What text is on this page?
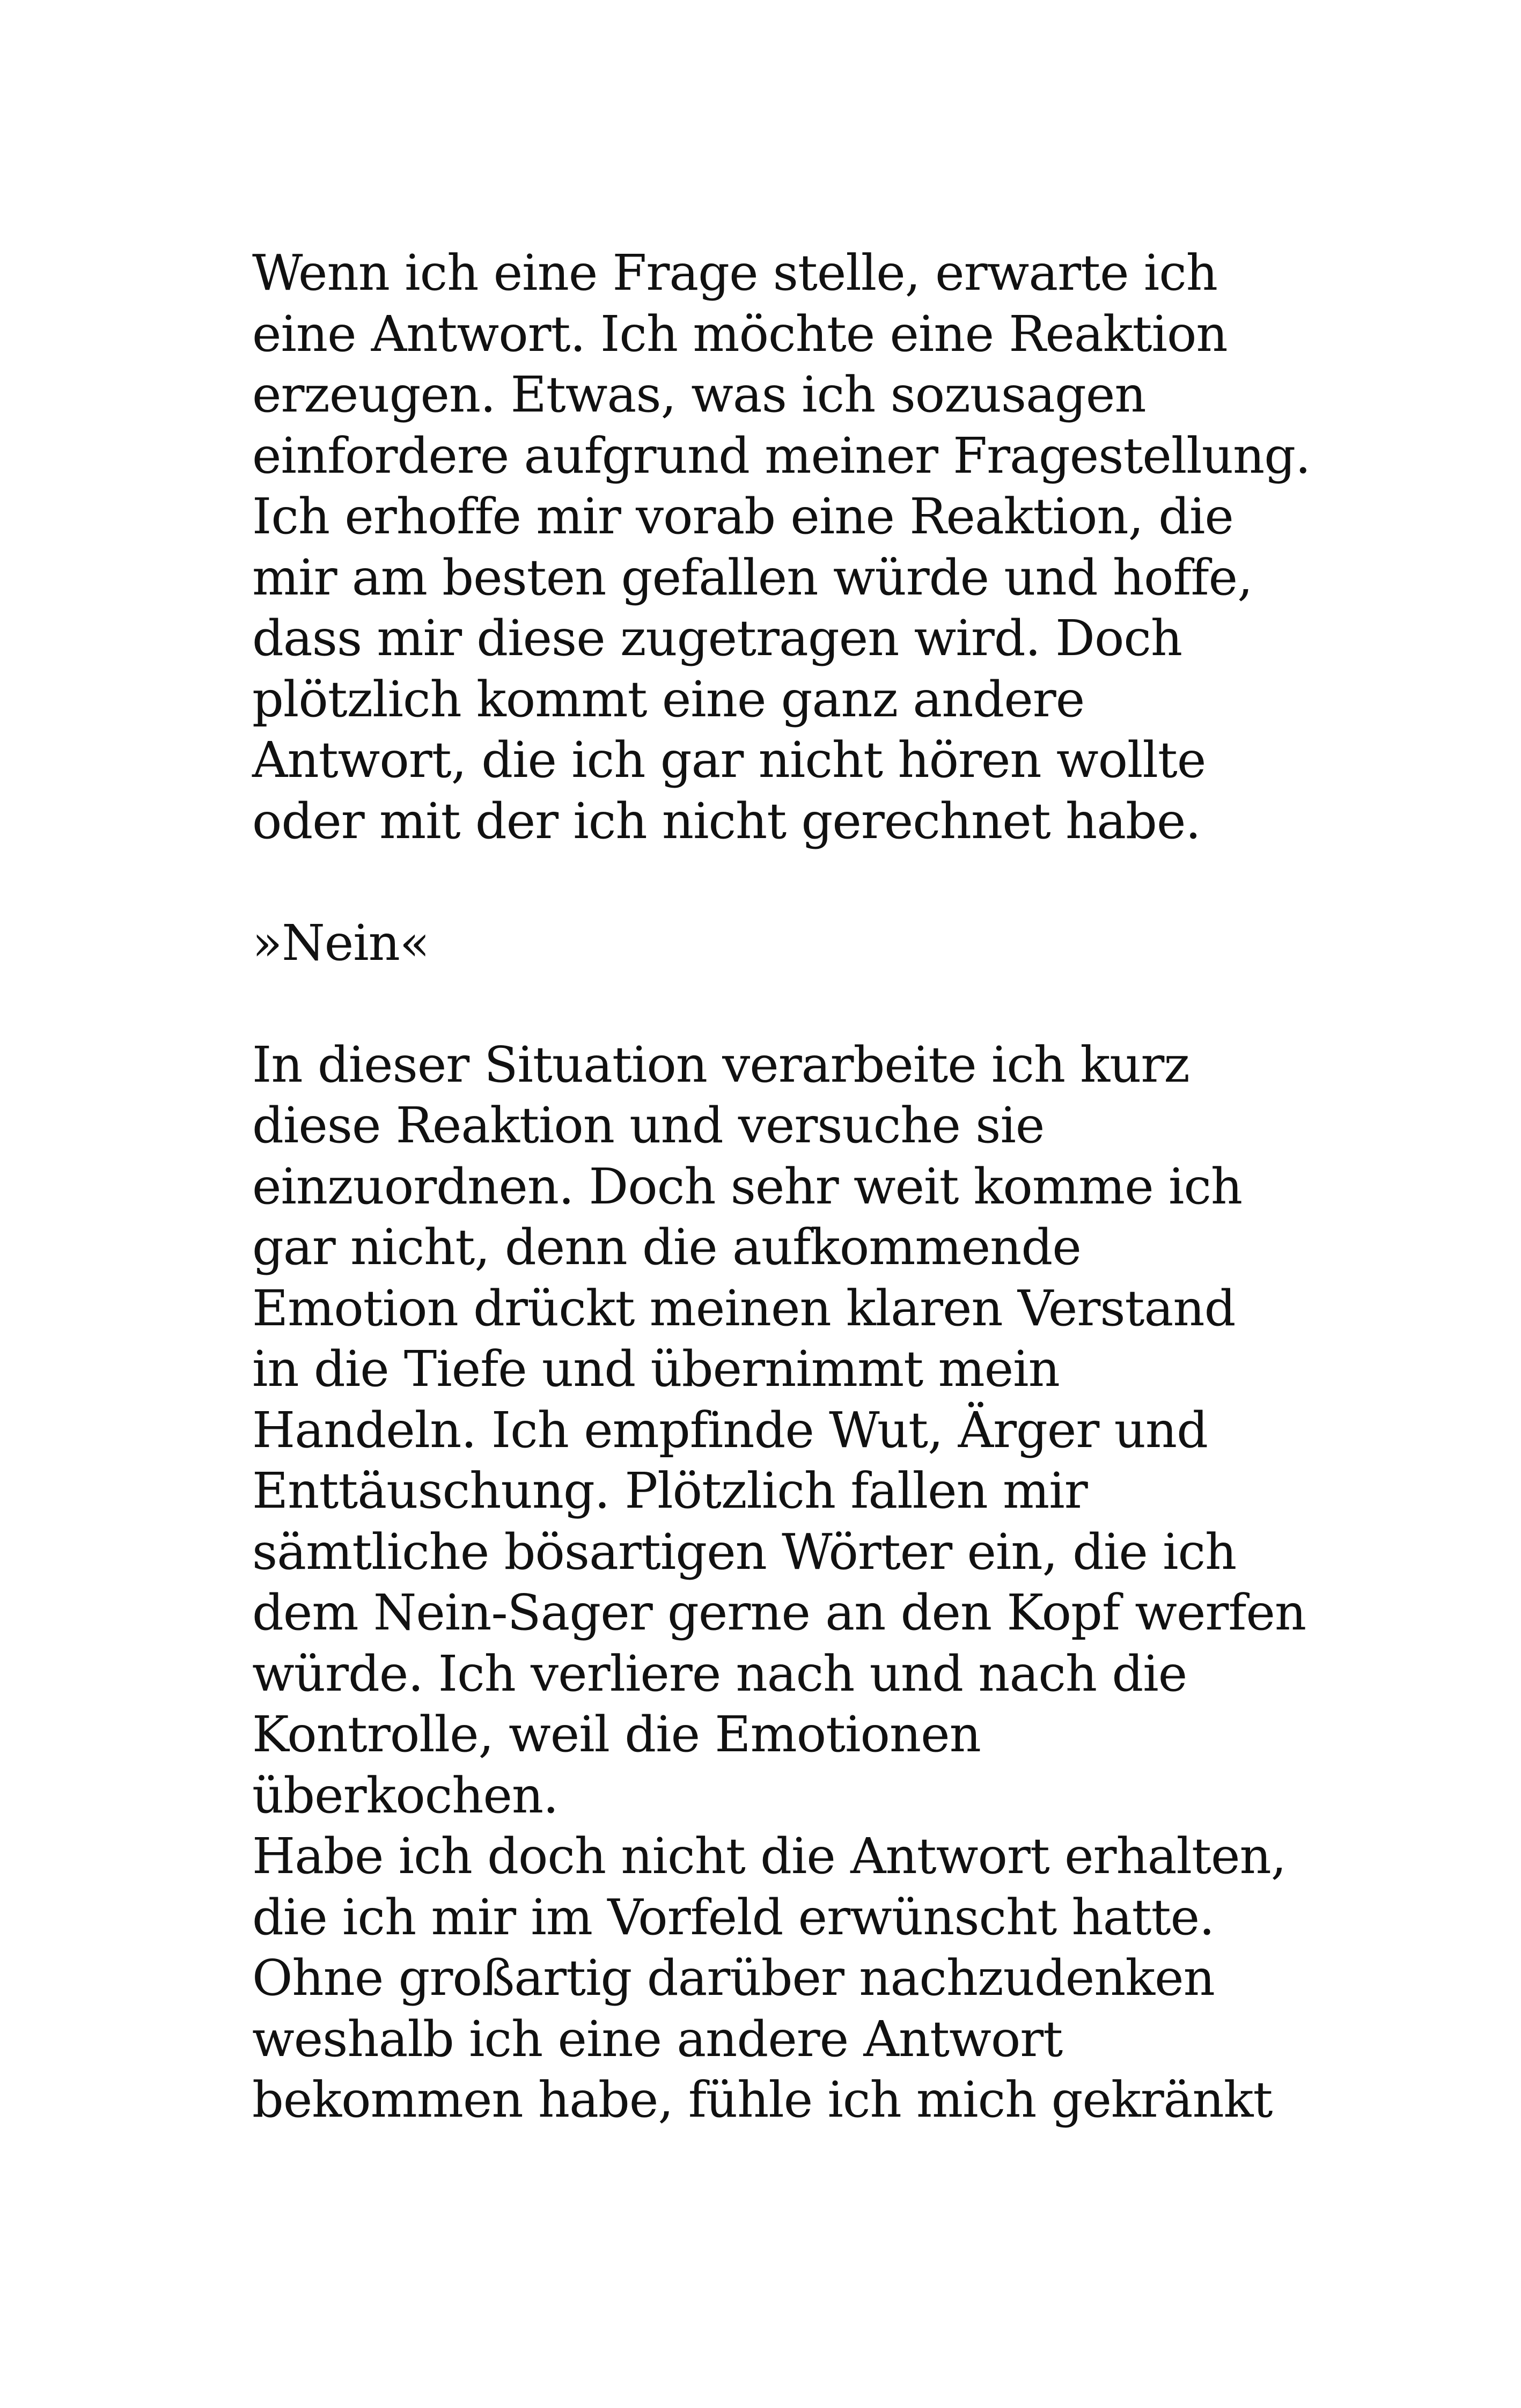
Wenn ich eine Frage stelle, erwarte ich
eine Antwort. Ich möchte eine Reaktion
erzeugen. Etwas, was ich sozusagen
einfordere aufgrund meiner Fragestellung.
Ich erhoffe mir vorab eine Reaktion, die
mir am besten gefallen würde und hoffe,
dass mir diese zugetragen wird. Doch
plötzlich kommt eine ganz andere
Antwort, die ich gar nicht hören wollte
oder mit der ich nicht gerechnet habe.
»Nein«
In dieser Situation verarbeite ich kurz
diese Reaktion und versuche sie
einzuordnen. Doch sehr weit komme ich
gar nicht, denn die aufkommende
Emotion drückt meinen klaren Verstand
in die Tiefe und übernimmt mein
Handeln. Ich empfinde Wut, Ärger und
Enttäuschung. Plötzlich fallen mir
sämtliche bösartigen Wörter ein, die ich
dem Nein-Sager gerne an den Kopf werfen
würde. Ich verliere nach und nach die
Kontrolle, weil die Emotionen
überkochen.
Habe ich doch nicht die Antwort erhalten,
die ich mir im Vorfeld erwünscht hatte.
Ohne großartig darüber nachzudenken
weshalb ich eine andere Antwort
bekommen habe, fühle ich mich gekränkt
